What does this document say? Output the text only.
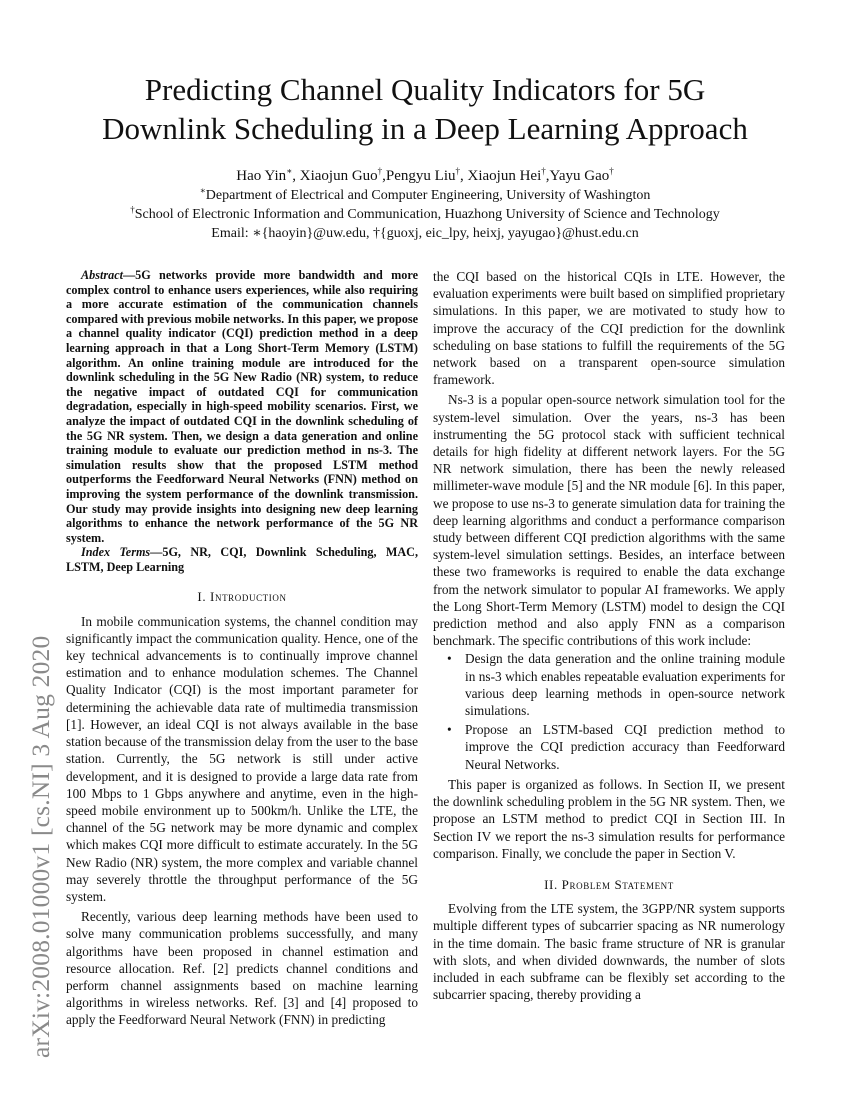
arXiv:2008.01000v1 [cs.NI] 3 Aug 2020
Predicting Channel Quality Indicators for 5G
Downlink Scheduling in a Deep Learning Approach
Hao Yin∗, Xiaojun Guo†,Pengyu Liu†, Xiaojun Hei†,Yayu Gao†
∗Department of Electrical and Computer Engineering, University of Washington
†School of Electronic Information and Communication, Huazhong University of Science and Technology
Email: ∗{haoyin}@uw.edu, †{guoxj, eic_lpy, heixj, yayugao}@hust.edu.cn

Abstract—5G networks provide more bandwidth and more complex control to enhance users experiences, while also requiring a more accurate estimation of the communication channels compared with previous mobile networks. In this paper, we propose a channel quality indicator (CQI) prediction method in a deep learning approach in that a Long Short-Term Memory (LSTM) algorithm. An online training module are introduced for the downlink scheduling in the 5G New Radio (NR) system, to reduce the negative impact of outdated CQI for communication degradation, especially in high-speed mobility scenarios. First, we analyze the impact of outdated CQI in the downlink scheduling of the 5G NR system. Then, we design a data generation and online training module to evaluate our prediction method in ns-3. The simulation results show that the proposed LSTM method outperforms the Feedforward Neural Networks (FNN) method on improving the system performance of the downlink transmission. Our study may provide insights into designing new deep learning algorithms to enhance the network performance of the 5G NR system.

Index Terms—5G, NR, CQI, Downlink Scheduling, MAC, LSTM, Deep Learning

I. Introduction

In mobile communication systems, the channel condition may significantly impact the communication quality. Hence, one of the key technical advancements is to continually improve channel estimation and to enhance modulation schemes. The Channel Quality Indicator (CQI) is the most important parameter for determining the achievable data rate of multimedia transmission [1]. However, an ideal CQI is not always available in the base station because of the transmission delay from the user to the base station. Currently, the 5G network is still under active development, and it is designed to provide a large data rate from 100 Mbps to 1 Gbps anywhere and anytime, even in the high-speed mobile environment up to 500km/h. Unlike the LTE, the channel of the 5G network may be more dynamic and complex which makes CQI more difficult to estimate accurately. In the 5G New Radio (NR) system, the more complex and variable channel may severely throttle the throughput performance of the 5G system.

Recently, various deep learning methods have been used to solve many communication problems successfully, and many algorithms have been proposed in channel estimation and resource allocation. Ref. [2] predicts channel conditions and perform channel assignments based on machine learning algorithms in wireless networks. Ref. [3] and [4] proposed to apply the Feedforward Neural Network (FNN) in predicting

the CQI based on the historical CQIs in LTE. However, the evaluation experiments were built based on simplified proprietary simulations. In this paper, we are motivated to study how to improve the accuracy of the CQI prediction for the downlink scheduling on base stations to fulfill the requirements of the 5G network based on a transparent open-source simulation framework.

Ns-3 is a popular open-source network simulation tool for the system-level simulation. Over the years, ns-3 has been instrumenting the 5G protocol stack with sufficient technical details for high fidelity at different network layers. For the 5G NR network simulation, there has been the newly released millimeter-wave module [5] and the NR module [6]. In this paper, we propose to use ns-3 to generate simulation data for training the deep learning algorithms and conduct a performance comparison study between different CQI prediction algorithms with the same system-level simulation settings. Besides, an interface between these two frameworks is required to enable the data exchange from the network simulator to popular AI frameworks. We apply the Long Short-Term Memory (LSTM) model to design the CQI prediction method and also apply FNN as a comparison benchmark. The specific contributions of this work include:

• Design the data generation and the online training module in ns-3 which enables repeatable evaluation experiments for various deep learning methods in open-source network simulations.
• Propose an LSTM-based CQI prediction method to improve the CQI prediction accuracy than Feedforward Neural Networks.

This paper is organized as follows. In Section II, we present the downlink scheduling problem in the 5G NR system. Then, we propose an LSTM method to predict CQI in Section III. In Section IV we report the ns-3 simulation results for performance comparison. Finally, we conclude the paper in Section V.

II. Problem Statement

Evolving from the LTE system, the 3GPP/NR system supports multiple different types of subcarrier spacing as NR numerology in the time domain. The basic frame structure of NR is granular with slots, and when divided downwards, the number of slots included in each subframe can be flexibly set according to the subcarrier spacing, thereby providing a
